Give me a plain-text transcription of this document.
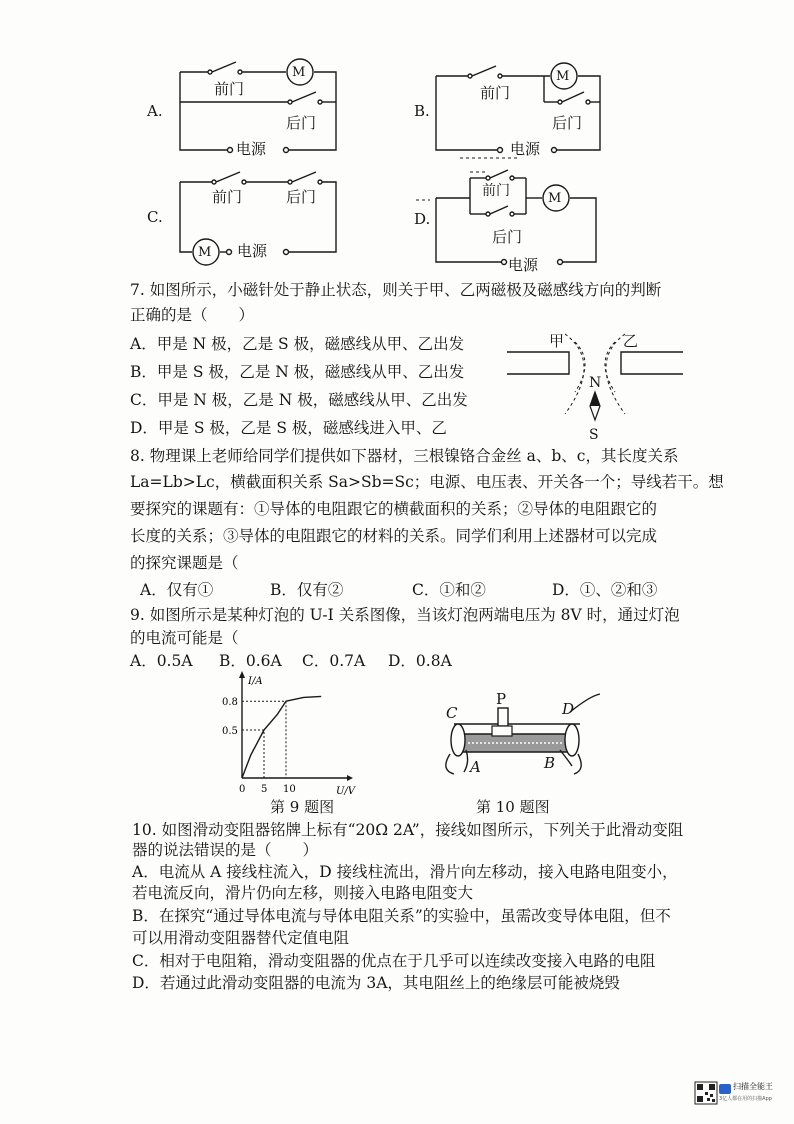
A.
M
前门
后门
电源
B.
M
前门
后门
电源
C.
M
前门	后门
电源
D.
M
前门
后门
电源
7. 如图所示，小磁针处于静止状态，则关于甲、乙两磁极及磁感线方向的判断
正确的是（　　）
A．甲是 N 极，乙是 S 极，磁感线从甲、乙出发
B．甲是 S 极，乙是 N 极，磁感线从甲、乙出发
C．甲是 N 极，乙是 N 极，磁感线从甲、乙出发
D．甲是 S 极，乙是 S 极，磁感线进入甲、乙
甲	乙
N
S
8. 物理课上老师给同学们提供如下器材，三根镍铬合金丝 a、b、c，其长度关系
La=Lb>Lc，横截面积关系 Sa>Sb=Sc；电源、电压表、开关各一个；导线若干。想
要探究的课题有：①导体的电阻跟它的横截面积的关系；②导体的电阻跟它的
长度的关系；③导体的电阻跟它的材料的关系。同学们利用上述器材可以完成
的探究课题是（
A．仅有①	B．仅有②	C．①和②	D．①、②和③
9. 如图所示是某种灯泡的 U-I 关系图像，当该灯泡两端电压为 8V 时，通过灯泡
的电流可能是（
A．0.5A B．0.6A C．0.7A D．0.8A
I/A
U/V
0 5 10
0.5
0.8
第 9 题图
C
P
D
A	B
第 10 题图
10. 如图滑动变阻器铭牌上标有“20Ω 2A”，接线如图所示，下列关于此滑动变阻
器的说法错误的是（　　）
A．电流从 A 接线柱流入，D 接线柱流出，滑片向左移动，接入电路电阻变小，
若电流反向，滑片仍向左移，则接入电路电阻变大
B．在探究“通过导体电流与导体电阻关系”的实验中，虽需改变导体电阻，但不
可以用滑动变阻器替代定值电阻
C．相对于电阻箱，滑动变阻器的优点在于几乎可以连续改变接入电路的电阻
D．若通过此滑动变阻器的电流为 3A，其电阻丝上的绝缘层可能被烧毁
扫描全能王
3亿人都在用的扫描App
